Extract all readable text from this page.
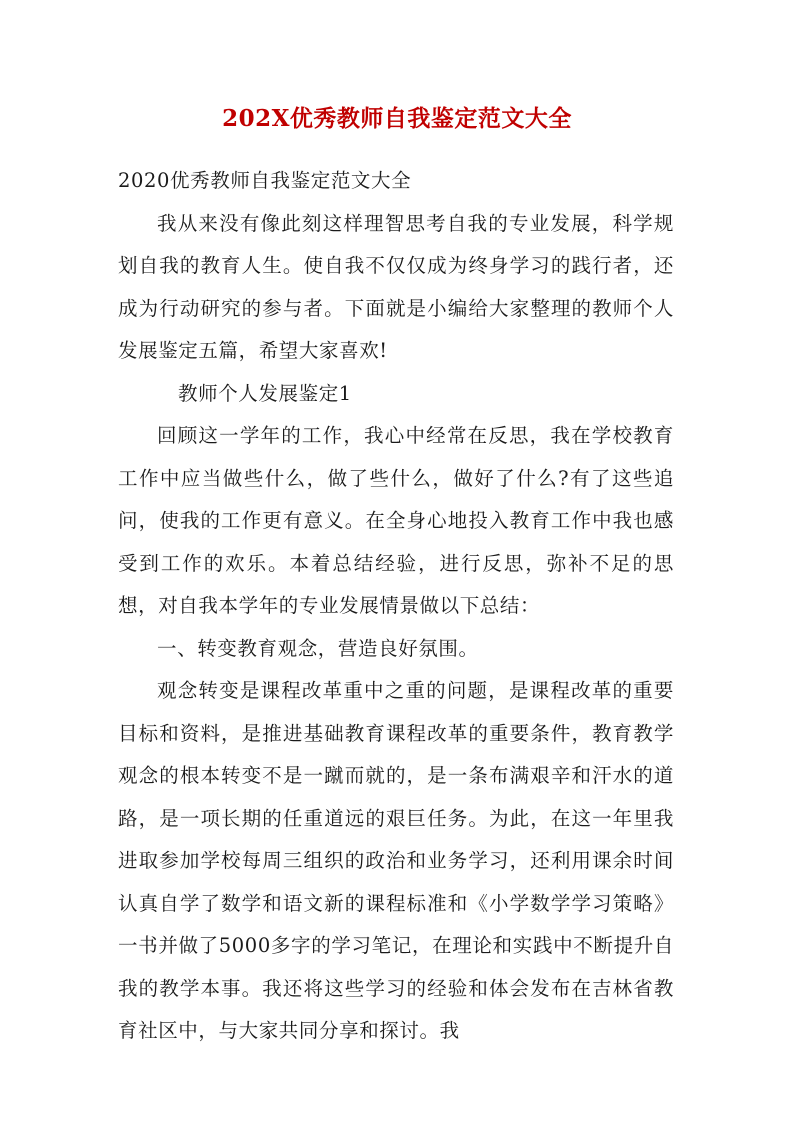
202X优秀教师自我鉴定范文大全

2020优秀教师自我鉴定范文大全

我从来没有像此刻这样理智思考自我的专业发展，科学规划自我的教育人生。使自我不仅仅成为终身学习的践行者，还成为行动研究的参与者。下面就是小编给大家整理的教师个人发展鉴定五篇，希望大家喜欢!

教师个人发展鉴定1

回顾这一学年的工作，我心中经常在反思，我在学校教育工作中应当做些什么，做了些什么，做好了什么?有了这些追问，使我的工作更有意义。在全身心地投入教育工作中我也感受到工作的欢乐。本着总结经验，进行反思，弥补不足的思想，对自我本学年的专业发展情景做以下总结：

一、转变教育观念，营造良好氛围。

观念转变是课程改革重中之重的问题，是课程改革的重要目标和资料，是推进基础教育课程改革的重要条件，教育教学观念的根本转变不是一蹴而就的，是一条布满艰辛和汗水的道路，是一项长期的任重道远的艰巨任务。为此，在这一年里我进取参加学校每周三组织的政治和业务学习，还利用课余时间认真自学了数学和语文新的课程标准和《小学数学学习策略》一书并做了5000多字的学习笔记，在理论和实践中不断提升自我的教学本事。我还将这些学习的经验和体会发布在吉林省教育社区中，与大家共同分享和探讨。我
